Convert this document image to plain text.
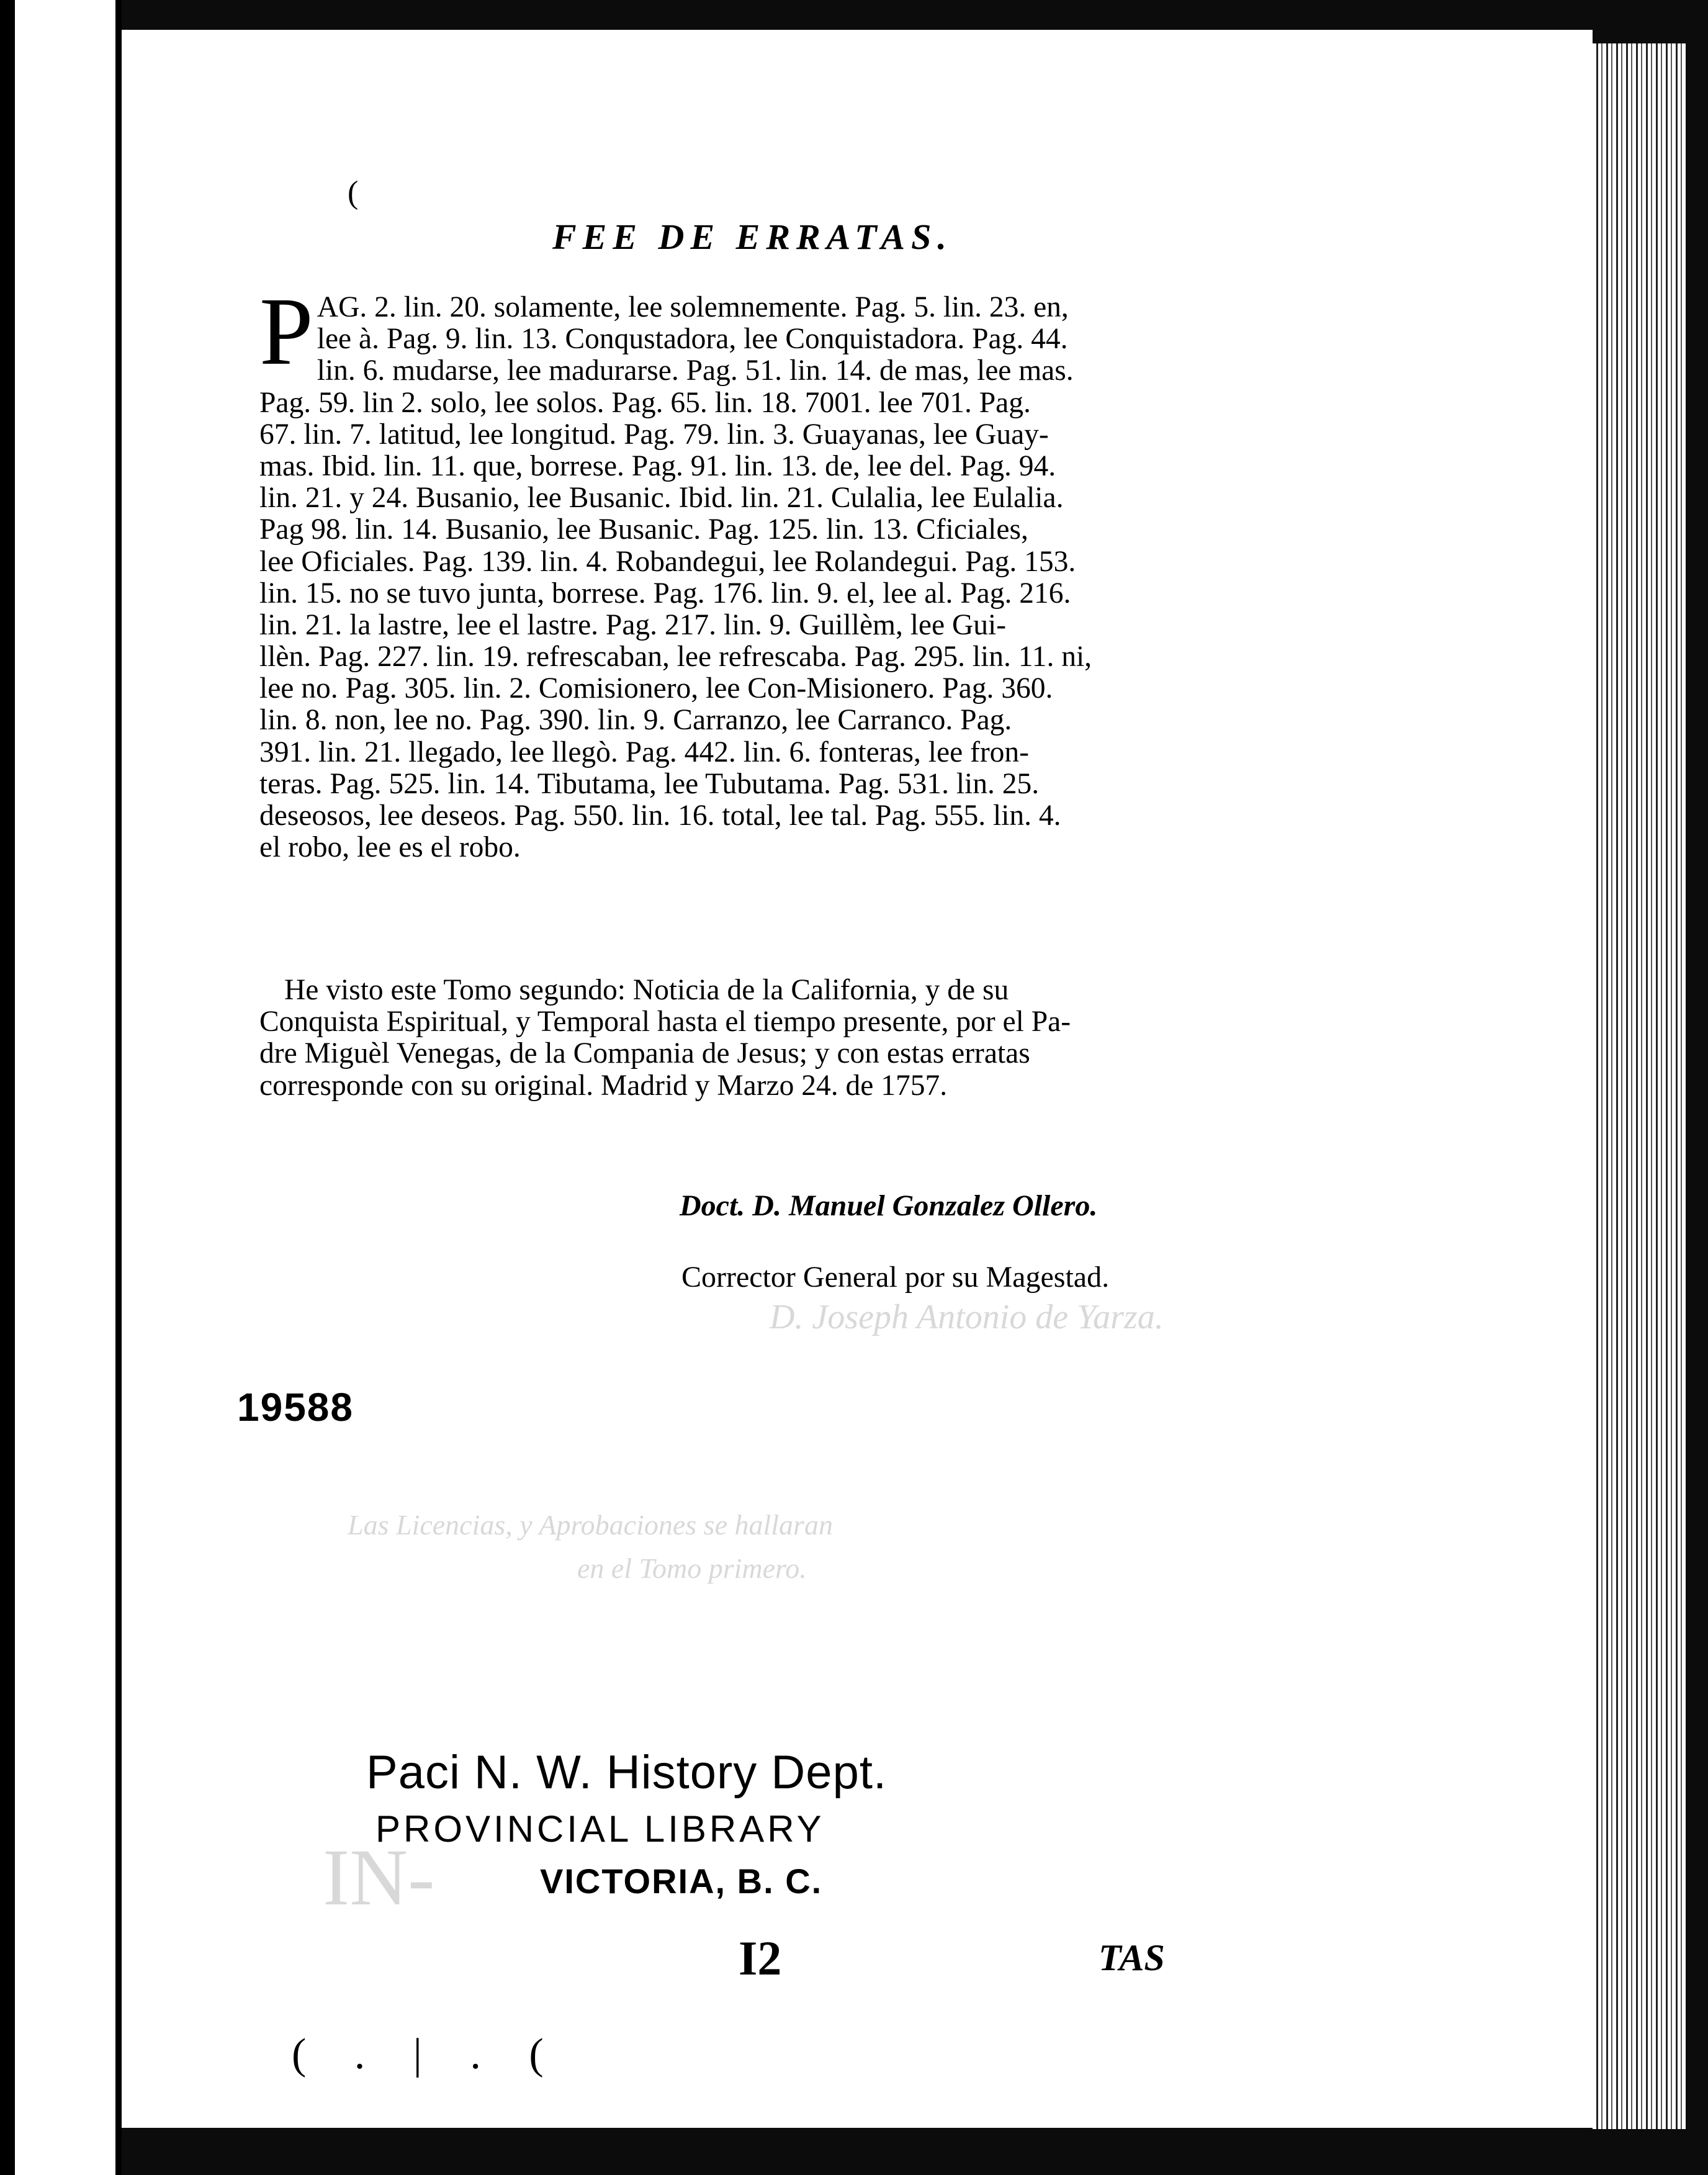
D. Joseph Antonio de Yarza.
Las Licencias, y Aprobaciones se hallaran
en el Tomo primero.
IN-
(
FEE DE ERRATAS.
P AG. 2. lin. 20. solamente, lee solemnemente. Pag. 5. lin. 23. en,
lee à. Pag. 9. lin. 13. Conqustadora, lee Conquistadora. Pag. 44.
lin. 6. mudarse, lee madurarse. Pag. 51. lin. 14. de mas, lee mas.
Pag. 59. lin 2. solo, lee solos. Pag. 65. lin. 18. 7001. lee 701. Pag.
67. lin. 7. latitud, lee longitud. Pag. 79. lin. 3. Guayanas, lee Guay-
mas. Ibid. lin. 11. que, borrese. Pag. 91. lin. 13. de, lee del. Pag. 94.
lin. 21. y 24. Busanio, lee Busanic. Ibid. lin. 21. Culalia, lee Eulalia.
Pag 98. lin. 14. Busanio, lee Busanic. Pag. 125. lin. 13. Cficiales,
lee Oficiales. Pag. 139. lin. 4. Robandegui, lee Rolandegui. Pag. 153.
lin. 15. no se tuvo junta, borrese. Pag. 176. lin. 9. el, lee al. Pag. 216.
lin. 21. la lastre, lee el lastre. Pag. 217. lin. 9. Guillèm, lee Gui-
llèn. Pag. 227. lin. 19. refrescaban, lee refrescaba. Pag. 295. lin. 11. ni,
lee no. Pag. 305. lin. 2. Comisionero, lee Con-Misionero. Pag. 360.
lin. 8. non, lee no. Pag. 390. lin. 9. Carranzo, lee Carranco. Pag.
391. lin. 21. llegado, lee llegò. Pag. 442. lin. 6. fonteras, lee fron-
teras. Pag. 525. lin. 14. Tibutama, lee Tubutama. Pag. 531. lin. 25.
deseosos, lee deseos. Pag. 550. lin. 16. total, lee tal. Pag. 555. lin. 4.
el robo, lee es el robo.
He visto este Tomo segundo: Noticia de la California, y de su
Conquista Espiritual, y Temporal hasta el tiempo presente, por el Pa-
dre Miguèl Venegas, de la Compania de Jesus; y con estas erratas
corresponde con su original. Madrid y Marzo 24. de 1757.
Doct. D. Manuel Gonzalez Ollero.
Corrector General por su Magestad.
19588
Paci N. W. History Dept.
PROVINCIAL LIBRARY
VICTORIA, B. C.
I2	TAS
( . | . (
